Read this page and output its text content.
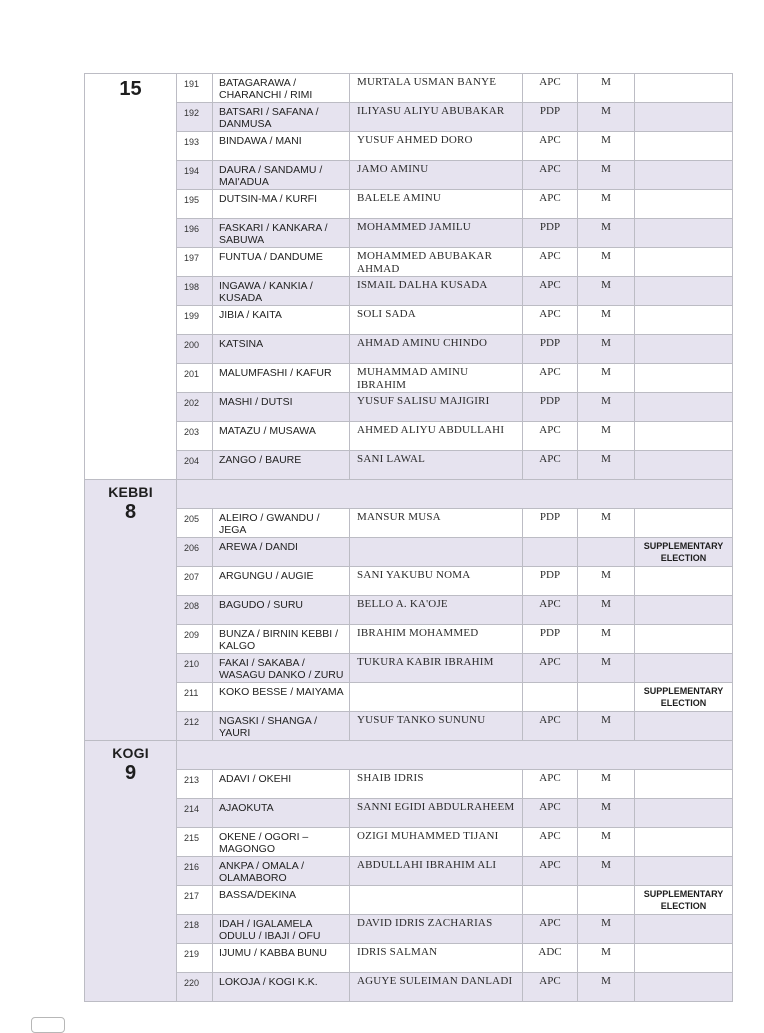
15	191	BATAGARAWA / CHARANCHI / RIMI	MURTALA USMAN BANYE	APC	M	

	192	BATSARI / SAFANA / DANMUSA	ILIYASU ALIYU ABUBAKAR	PDP	M	

	193	BINDAWA / MANI	YUSUF AHMED DORO	APC	M	

	194	DAURA / SANDAMU / MAI'ADUA	JAMO AMINU	APC	M	

	195	DUTSIN-MA / KURFI	BALELE AMINU	APC	M	

	196	FASKARI / KANKARA / SABUWA	MOHAMMED JAMILU	PDP	M	

	197	FUNTUA / DANDUME	MOHAMMED ABUBAKAR AHMAD	APC	M	

	198	INGAWA / KANKIA / KUSADA	ISMAIL DALHA KUSADA	APC	M	

	199	JIBIA / KAITA	SOLI SADA	APC	M	

	200	KATSINA	AHMAD AMINU CHINDO	PDP	M	

	201	MALUMFASHI / KAFUR	MUHAMMAD AMINU IBRAHIM	APC	M	

	202	MASHI / DUTSI	YUSUF SALISU MAJIGIRI	PDP	M	

	203	MATAZU / MUSAWA	AHMED ALIYU ABDULLAHI	APC	M	

	204	ZANGO / BAURE	SANI LAWAL	APC	M	

KEBBI
8						

	205	ALEIRO / GWANDU / JEGA	MANSUR MUSA	PDP	M	

	206	AREWA / DANDI				SUPPLEMENTARY ELECTION

	207	ARGUNGU / AUGIE	SANI YAKUBU NOMA	PDP	M	

	208	BAGUDO / SURU	BELLO A. KA'OJE	APC	M	

	209	BUNZA / BIRNIN KEBBI / KALGO	IBRAHIM MOHAMMED	PDP	M	

	210	FAKAI / SAKABA / WASAGU DANKO / ZURU	TUKURA KABIR IBRAHIM	APC	M	

	211	KOKO BESSE / MAIYAMA				SUPPLEMENTARY ELECTION

	212	NGASKI / SHANGA / YAURI	YUSUF TANKO SUNUNU	APC	M	

KOGI
9						

	213	ADAVI / OKEHI	SHAIB IDRIS	APC	M	

	214	AJAOKUTA	SANNI EGIDI ABDULRAHEEM	APC	M	

	215	OKENE / OGORI – MAGONGO	OZIGI MUHAMMED TIJANI	APC	M	

	216	ANKPA / OMALA / OLAMABORO	ABDULLAHI IBRAHIM ALI	APC	M	

	217	BASSA/DEKINA				SUPPLEMENTARY ELECTION

	218	IDAH / IGALAMELA ODULU / IBAJI / OFU	DAVID IDRIS ZACHARIAS	APC	M	

	219	IJUMU / KABBA BUNU	IDRIS SALMAN	ADC	M	

	220	LOKOJA / KOGI K.K.	AGUYE SULEIMAN DANLADI	APC	M	
